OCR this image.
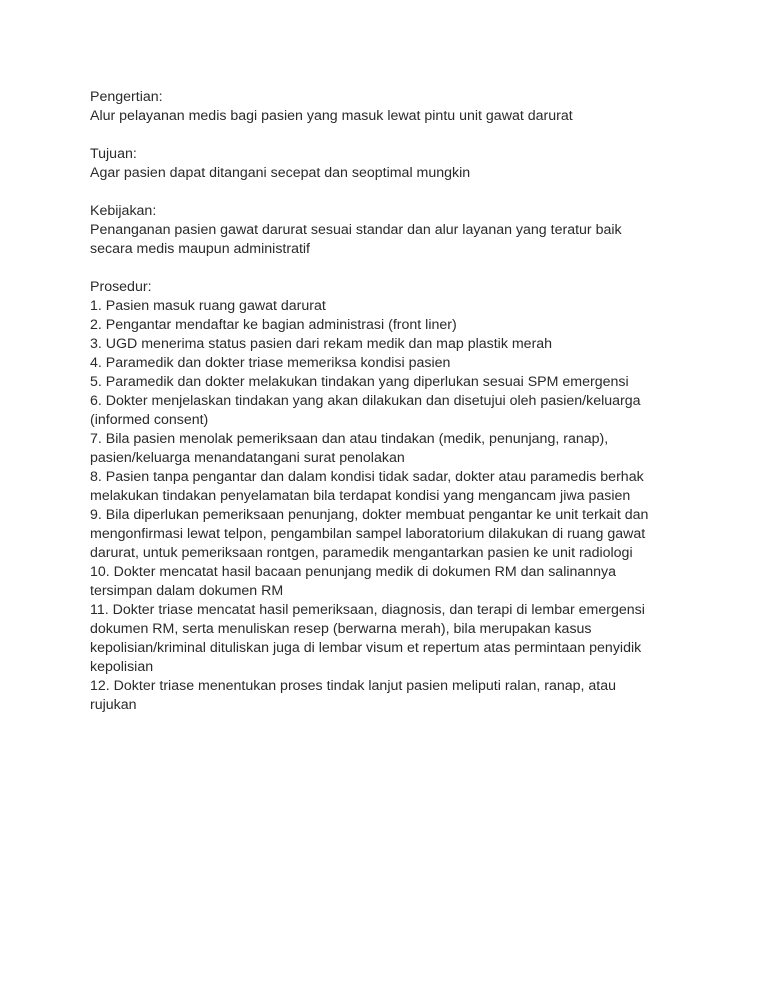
Pengertian:
Alur pelayanan medis bagi pasien yang masuk lewat pintu unit gawat darurat
Tujuan:
Agar pasien dapat ditangani secepat dan seoptimal mungkin
Kebijakan:
Penanganan pasien gawat darurat sesuai standar dan alur layanan yang teratur baik
secara medis maupun administratif
Prosedur:
1. Pasien masuk ruang gawat darurat
2. Pengantar mendaftar ke bagian administrasi (front liner)
3. UGD menerima status pasien dari rekam medik dan map plastik merah
4. Paramedik dan dokter triase memeriksa kondisi pasien
5. Paramedik dan dokter melakukan tindakan yang diperlukan sesuai SPM emergensi
6. Dokter menjelaskan tindakan yang akan dilakukan dan disetujui oleh pasien/keluarga
(informed consent)
7. Bila pasien menolak pemeriksaan dan atau tindakan (medik, penunjang, ranap),
pasien/keluarga menandatangani surat penolakan
8. Pasien tanpa pengantar dan dalam kondisi tidak sadar, dokter atau paramedis berhak
melakukan tindakan penyelamatan bila terdapat kondisi yang mengancam jiwa pasien
9. Bila diperlukan pemeriksaan penunjang, dokter membuat pengantar ke unit terkait dan
mengonfirmasi lewat telpon, pengambilan sampel laboratorium dilakukan di ruang gawat
darurat, untuk pemeriksaan rontgen, paramedik mengantarkan pasien ke unit radiologi
10. Dokter mencatat hasil bacaan penunjang medik di dokumen RM dan salinannya
tersimpan dalam dokumen RM
11. Dokter triase mencatat hasil pemeriksaan, diagnosis, dan terapi di lembar emergensi
dokumen RM, serta menuliskan resep (berwarna merah), bila merupakan kasus
kepolisian/kriminal dituliskan juga di lembar visum et repertum atas permintaan penyidik
kepolisian
12. Dokter triase menentukan proses tindak lanjut pasien meliputi ralan, ranap, atau
rujukan
